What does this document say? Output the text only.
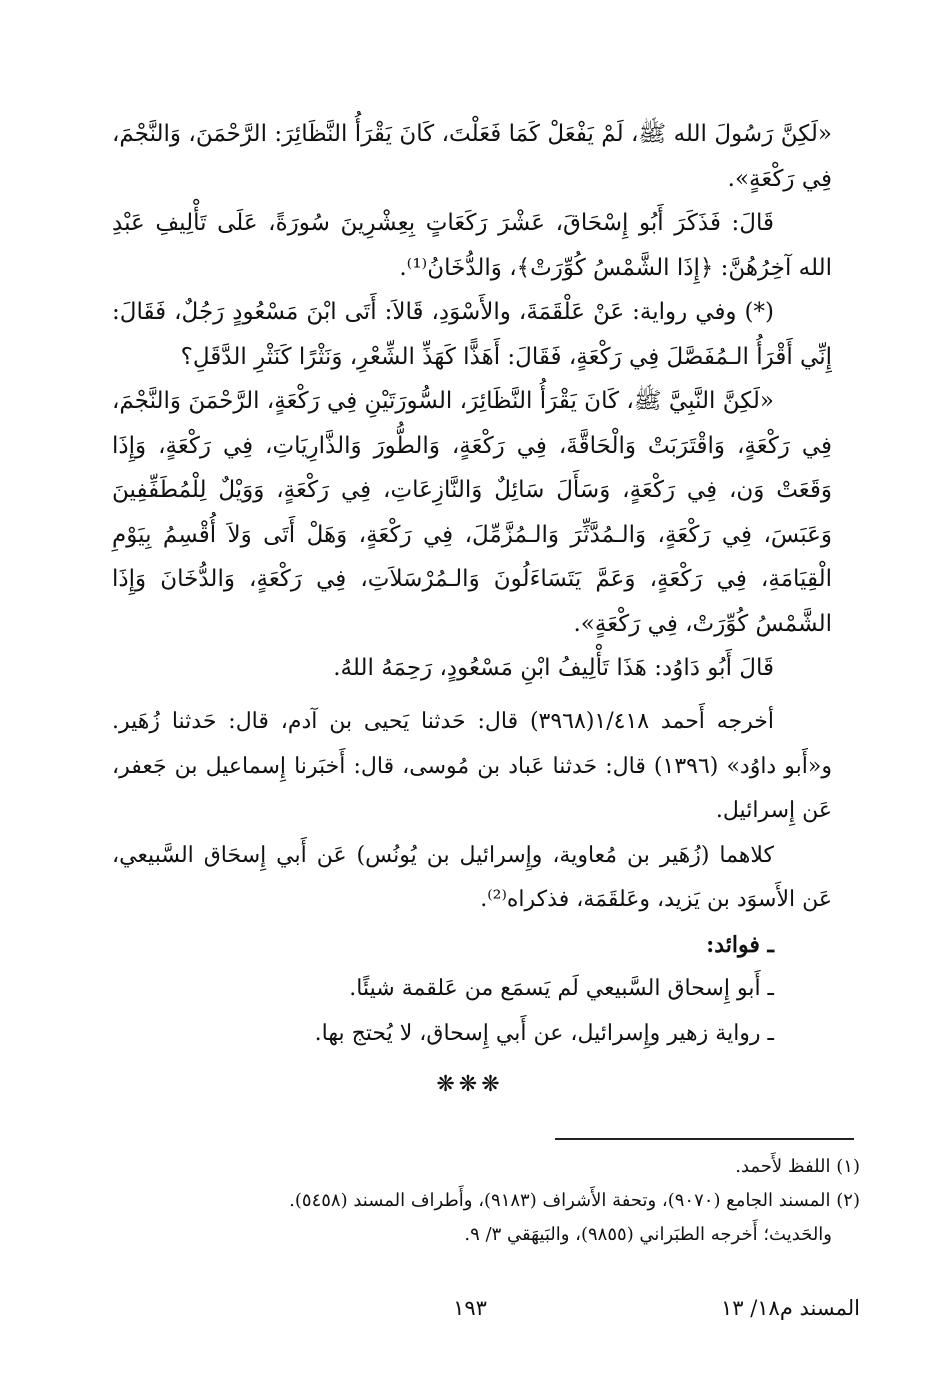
«لَكِنَّ رَسُولَ الله ﷺ، لَمْ يَفْعَلْ كَمَا فَعَلْتَ، كَانَ يَقْرَأُ النَّظَائِرَ: الرَّحْمَنَ، وَالنَّجْمَ، فِي رَكْعَةٍ».

قَالَ: فَذَكَرَ أَبُو إِسْحَاقَ، عَشْرَ رَكَعَاتٍ بِعِشْرِينَ سُورَةً، عَلَى تَأْلِيفِ عَبْدِ الله آخِرُهُنَّ: ﴿إِذَا الشَّمْسُ كُوِّرَتْ﴾، وَالدُّخَانُ⁽¹⁾.

(*) وفي رواية: عَنْ عَلْقَمَةَ، والأَسْوَدِ، قَالاَ: أَتَى ابْنَ مَسْعُودٍ رَجُلٌ، فَقَالَ: إِنِّي أَقْرَأُ الـمُفَصَّلَ فِي رَكْعَةٍ، فَقَالَ: أَهَذًّا كَهَذِّ الشِّعْرِ، وَنَثْرًا كَنَثْرِ الدَّقَلِ؟

«لَكِنَّ النَّبِيَّ ﷺ، كَانَ يَقْرَأُ النَّظَائِرَ، السُّورَتَيْنِ فِي رَكْعَةٍ، الرَّحْمَنَ وَالنَّجْمَ، فِي رَكْعَةٍ، وَاقْتَرَبَتْ وَالْحَاقَّةَ، فِي رَكْعَةٍ، وَالطُّورَ وَالذَّارِيَاتِ، فِي رَكْعَةٍ، وَإِذَا وَقَعَتْ وَن، فِي رَكْعَةٍ، وَسَأَلَ سَائِلٌ وَالنَّازِعَاتِ، فِي رَكْعَةٍ، وَوَيْلٌ لِلْمُطَفِّفِينَ وَعَبَسَ، فِي رَكْعَةٍ، وَالـمُدَّثِّرَ وَالـمُزَّمِّلَ، فِي رَكْعَةٍ، وَهَلْ أَتَى وَلاَ أُقْسِمُ بِيَوْمِ الْقِيَامَةِ، فِي رَكْعَةٍ، وَعَمَّ يَتَسَاءَلُونَ وَالـمُرْسَلاَتِ، فِي رَكْعَةٍ، وَالدُّخَانَ وَإِذَا الشَّمْسُ كُوِّرَتْ، فِي رَكْعَةٍ».

قَالَ أَبُو دَاوُد: هَذَا تَأْلِيفُ ابْنِ مَسْعُودٍ، رَحِمَهُ اللهُ.

أخرجه أَحمد ١/٤١٨(٣٩٦٨) قال: حَدثنا يَحيى بن آدم، قال: حَدثنا زُهَير. و«أَبو داوُد» (١٣٩٦) قال: حَدثنا عَباد بن مُوسى، قال: أَخبَرنا إِسماعيل بن جَعفر، عَن إِسرائيل.

كلاهما (زُهَير بن مُعاوية، وإِسرائيل بن يُونُس) عَن أَبي إِسحَاق السَّبيعي، عَن الأَسوَد بن يَزيد، وعَلقَمَة، فذكراه⁽²⁾.

ـ فوائد:

ـ أَبو إِسحاق السَّبيعي لَم يَسمَع من عَلقمة شيئًا.

ـ رواية زهير وإِسرائيل، عن أَبي إِسحاق، لا يُحتج بها.

❋❋❋

(١) اللفظ لأَحمد.

(٢) المسند الجامع (٩٠٧٠)، وتحفة الأَشراف (٩١٨٣)، وأَطراف المسند (٥٤٥٨).

والحَديث؛ أَخرجه الطبَراني (٩٨٥٥)، والبَيهَقي ٣/ ٩.

المسند م١٨/ ١٣
١٩٣
